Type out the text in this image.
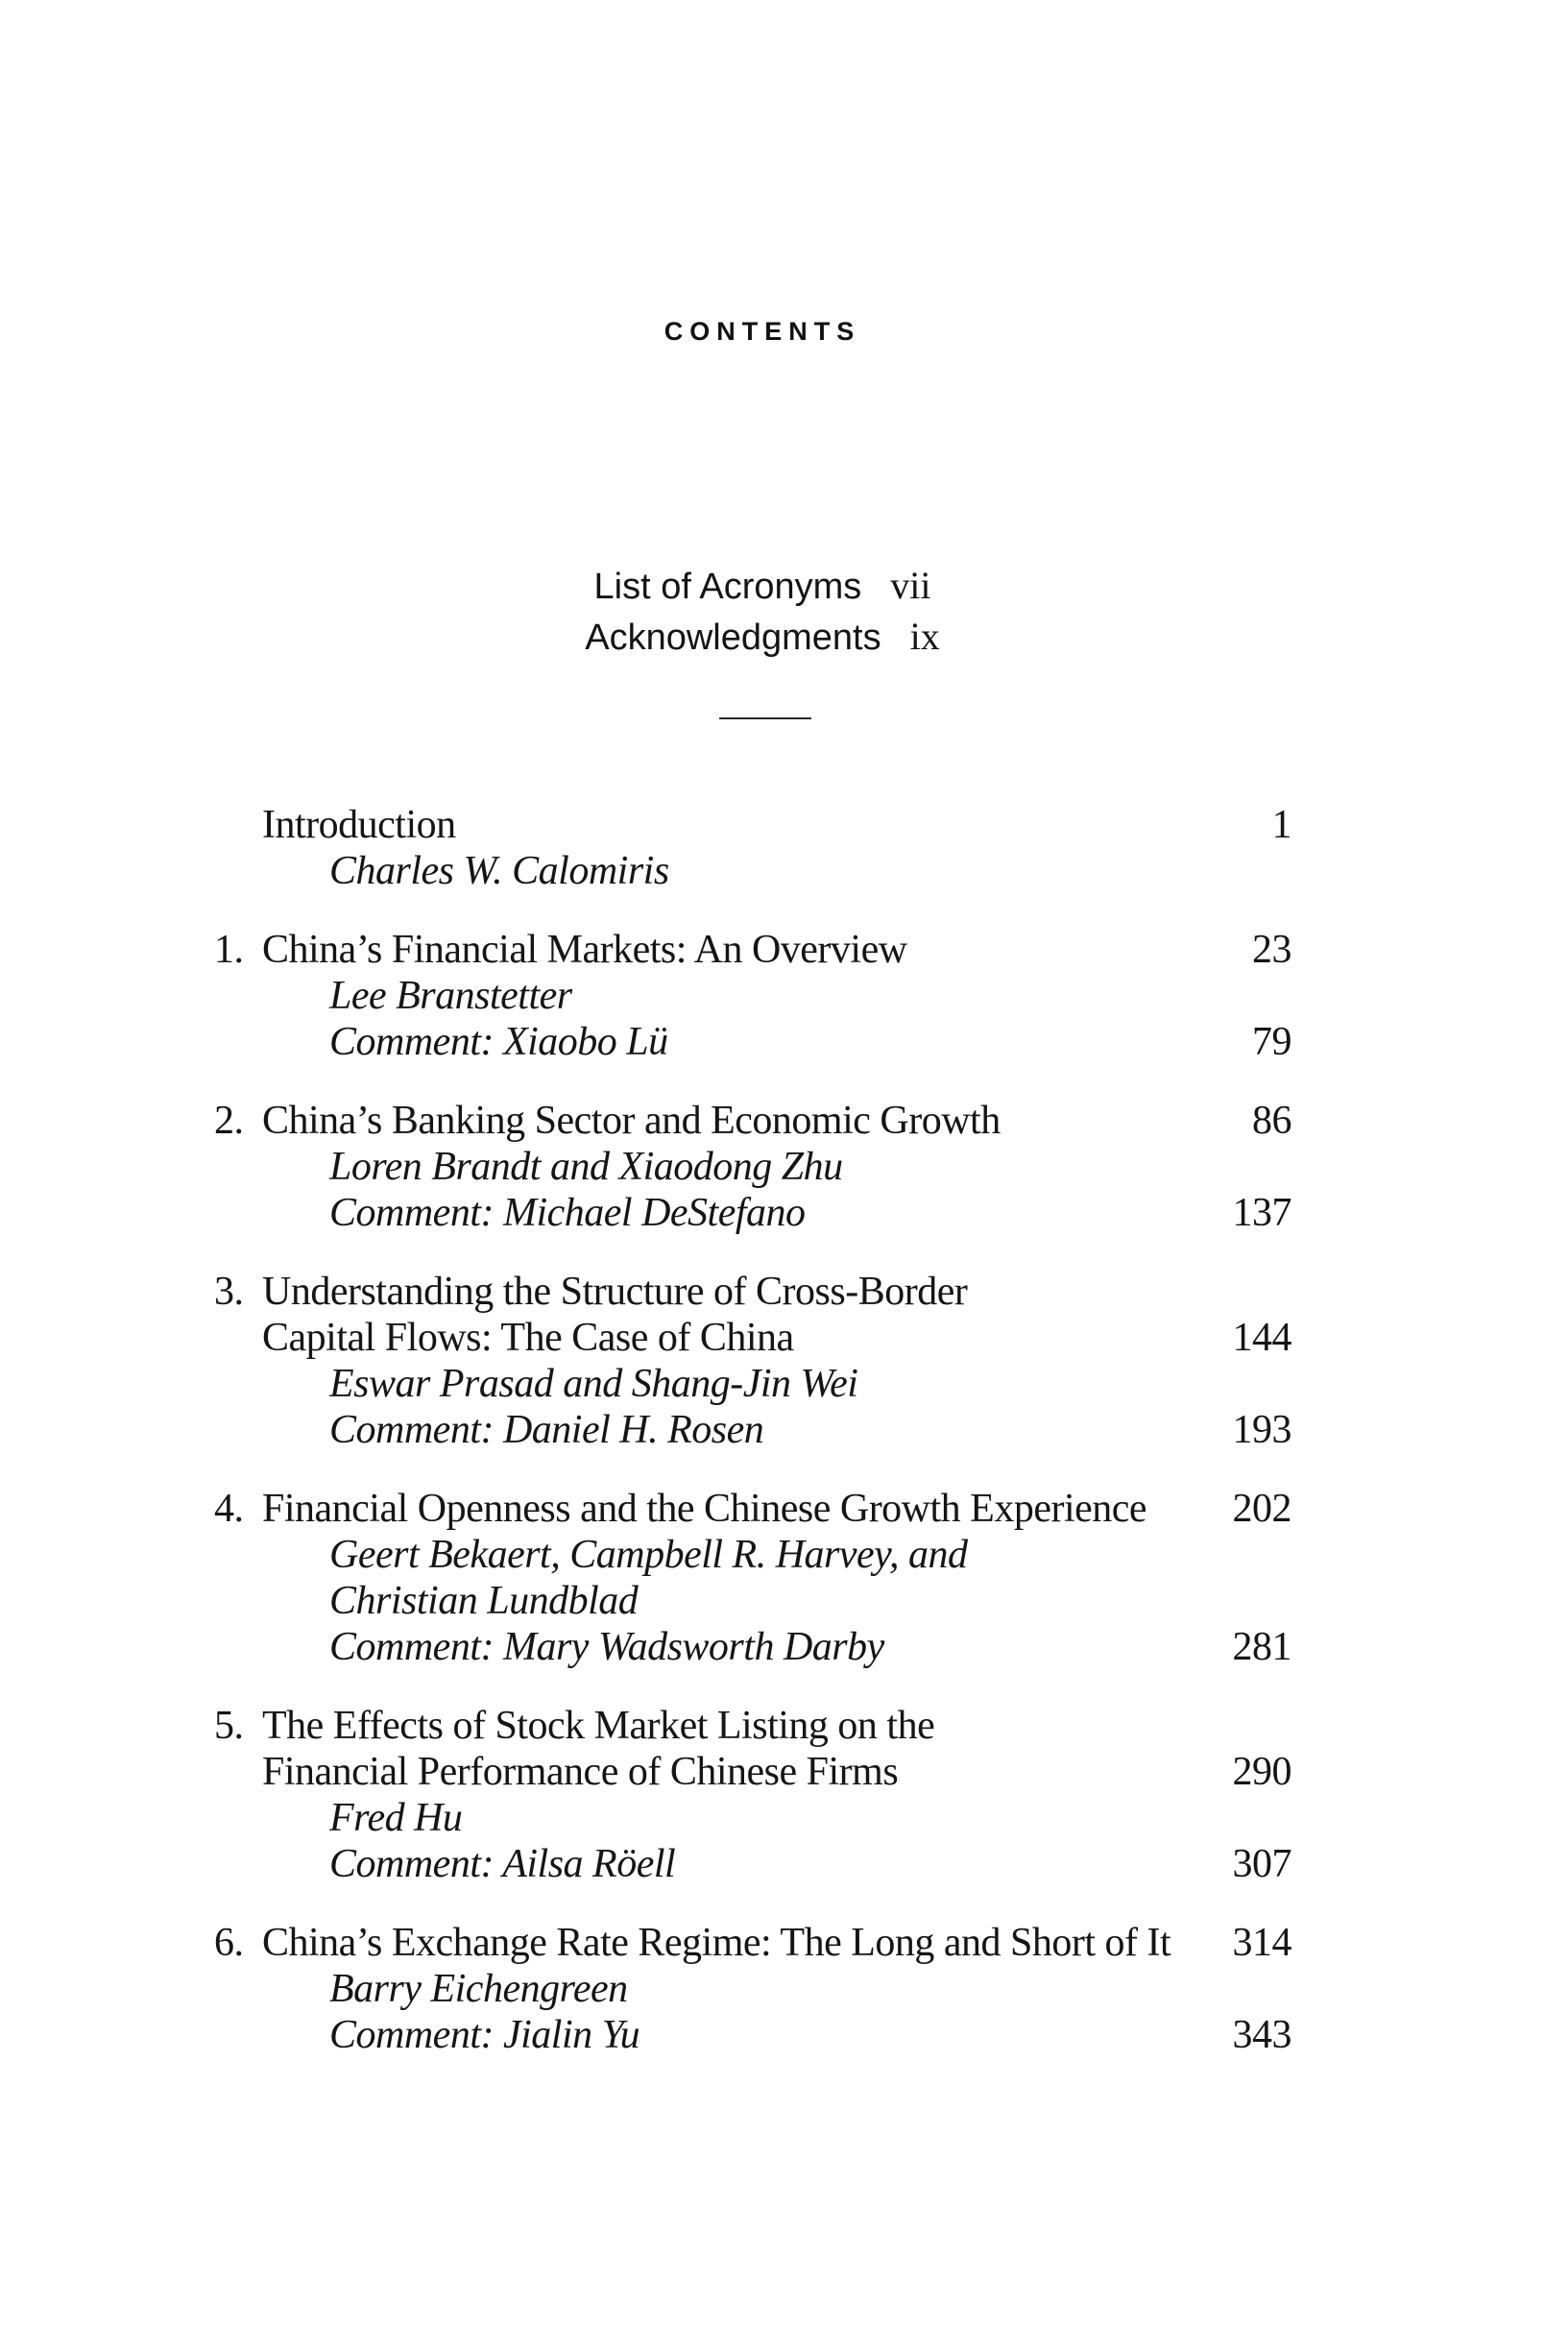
CONTENTS
List of Acronyms vii
Acknowledgments ix
Introduction	1
Charles W. Calomiris
1. China’s Financial Markets: An Overview	23
Lee Branstetter
Comment: Xiaobo Lü	79
2. China’s Banking Sector and Economic Growth	86
Loren Brandt and Xiaodong Zhu
Comment: Michael DeStefano	137
3. Understanding the Structure of Cross-Border
Capital Flows: The Case of China	144
Eswar Prasad and Shang-Jin Wei
Comment: Daniel H. Rosen	193
4. Financial Openness and the Chinese Growth Experience	202
Geert Bekaert, Campbell R. Harvey, and
Christian Lundblad
Comment: Mary Wadsworth Darby	281
5. The Effects of Stock Market Listing on the
Financial Performance of Chinese Firms	290
Fred Hu
Comment: Ailsa Röell	307
6. China’s Exchange Rate Regime: The Long and Short of It	314
Barry Eichengreen
Comment: Jialin Yu	343
